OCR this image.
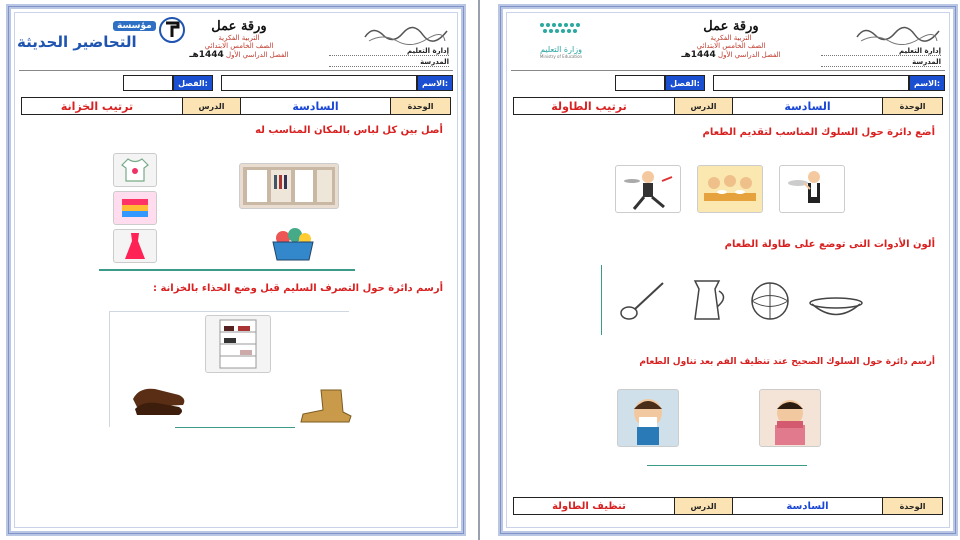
إدارة التعليم
المدرسة
ورقة عمل
التربية الفكرية
الصف الخامس الابتدائي
الفصل الدراسي الأول 1444هـ
مؤسسة
التحاضير الحديثة
الاسم:
الفصل:
الوحدة
السادسة
الدرس
ترتيب الخزانة
أصل بين كل لباس بالمكان المناسب له
أرسم دائرة حول التصرف السليم قبل وضع الحذاء بالخزانة :
إدارة التعليم
المدرسة
ورقة عمل
التربية الفكرية
الصف الخامس الابتدائي
الفصل الدراسي الأول 1444هـ
وزارة التعليم
Ministry of Education
الاسم:
الفصل:
الوحدة
السادسة
الدرس
ترتيب الطاولة
أضع دائرة حول السلوك المناسب لتقديم الطعام
ألون الأدوات التى توضع على طاولة الطعام
أرسم دائرة حول السلوك الصحيح عند تنظيف الفم بعد تناول الطعام
الوحدة
السادسة
الدرس
تنظيف الطاولة
